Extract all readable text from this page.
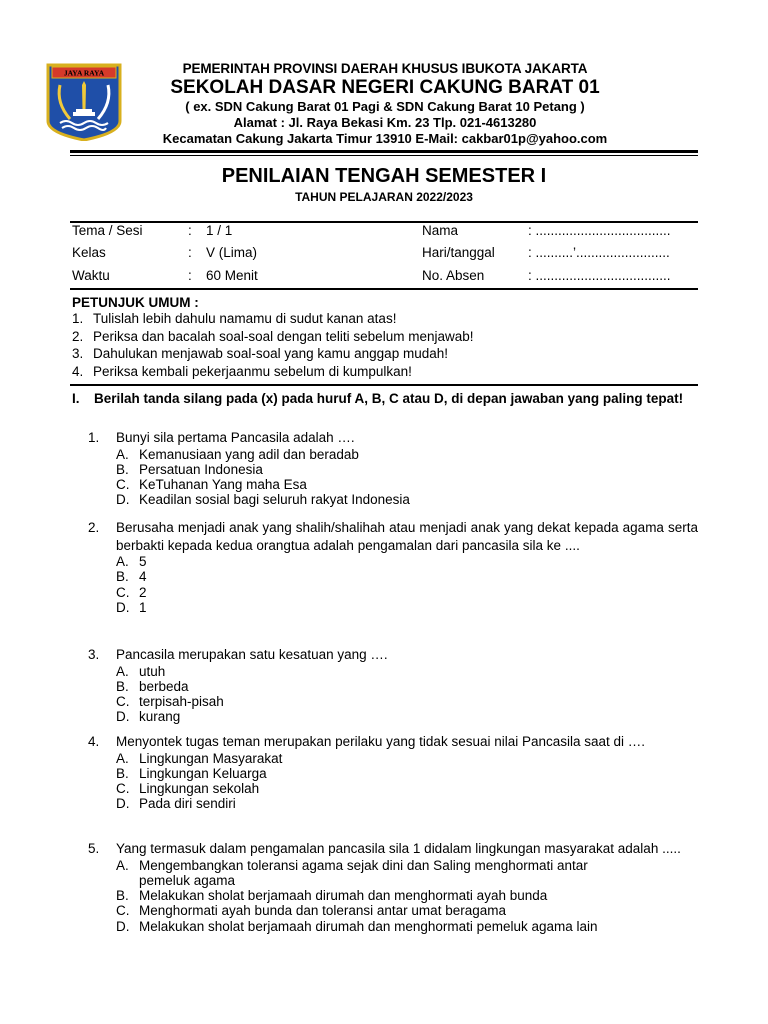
JAYA RAYA	PEMERINTAH PROVINSI DAERAH KHUSUS IBUKOTA JAKARTA
SEKOLAH DASAR NEGERI CAKUNG BARAT 01
( ex. SDN Cakung Barat 01 Pagi & SDN Cakung Barat 10 Petang )
Alamat : Jl. Raya Bekasi Km. 23 Tlp. 021-4613280
Kecamatan Cakung Jakarta Timur 13910 E-Mail: cakbar01p@yahoo.com
PENILAIAN TENGAH SEMESTER I
TAHUN PELAJARAN 2022/2023
Tema / Sesi	: 1 / 1	Nama	: ....................................
Kelas	: V (Lima)	Hari/tanggal : ..........’.........................
Waktu	: 60 Menit	No. Absen	: ....................................
PETUNJUK UMUM :
1. Tulislah lebih dahulu namamu di sudut kanan atas!
2. Periksa dan bacalah soal-soal dengan teliti sebelum menjawab!
3. Dahulukan menjawab soal-soal yang kamu anggap mudah!
4. Periksa kembali pekerjaanmu sebelum di kumpulkan!
I. Berilah tanda silang pada (x) pada huruf A, B, C atau D, di depan jawaban yang paling tepat!
1. Bunyi sila pertama Pancasila adalah ….
A. Kemanusiaan yang adil dan beradab
B. Persatuan Indonesia
C. KeTuhanan Yang maha Esa
D. Keadilan sosial bagi seluruh rakyat Indonesia
2. Berusaha menjadi anak yang shalih/shalihah atau menjadi anak yang dekat kepada agama serta berbakti kepada kedua orangtua adalah pengamalan dari pancasila sila ke ....
A. 5
B. 4
C. 2
D. 1
3. Pancasila merupakan satu kesatuan yang ….
A. utuh
B. berbeda
C. terpisah-pisah
D. kurang
4. Menyontek tugas teman merupakan perilaku yang tidak sesuai nilai Pancasila saat di ….
A. Lingkungan Masyarakat
B. Lingkungan Keluarga
C. Lingkungan sekolah
D. Pada diri sendiri
5. Yang termasuk dalam pengamalan pancasila sila 1 didalam lingkungan masyarakat adalah .....
A. Mengembangkan toleransi agama sejak dini dan Saling menghormati antar pemeluk agama
B. Melakukan sholat berjamaah dirumah dan menghormati ayah bunda
C. Menghormati ayah bunda dan toleransi antar umat beragama
D. Melakukan sholat berjamaah dirumah dan menghormati pemeluk agama lain
